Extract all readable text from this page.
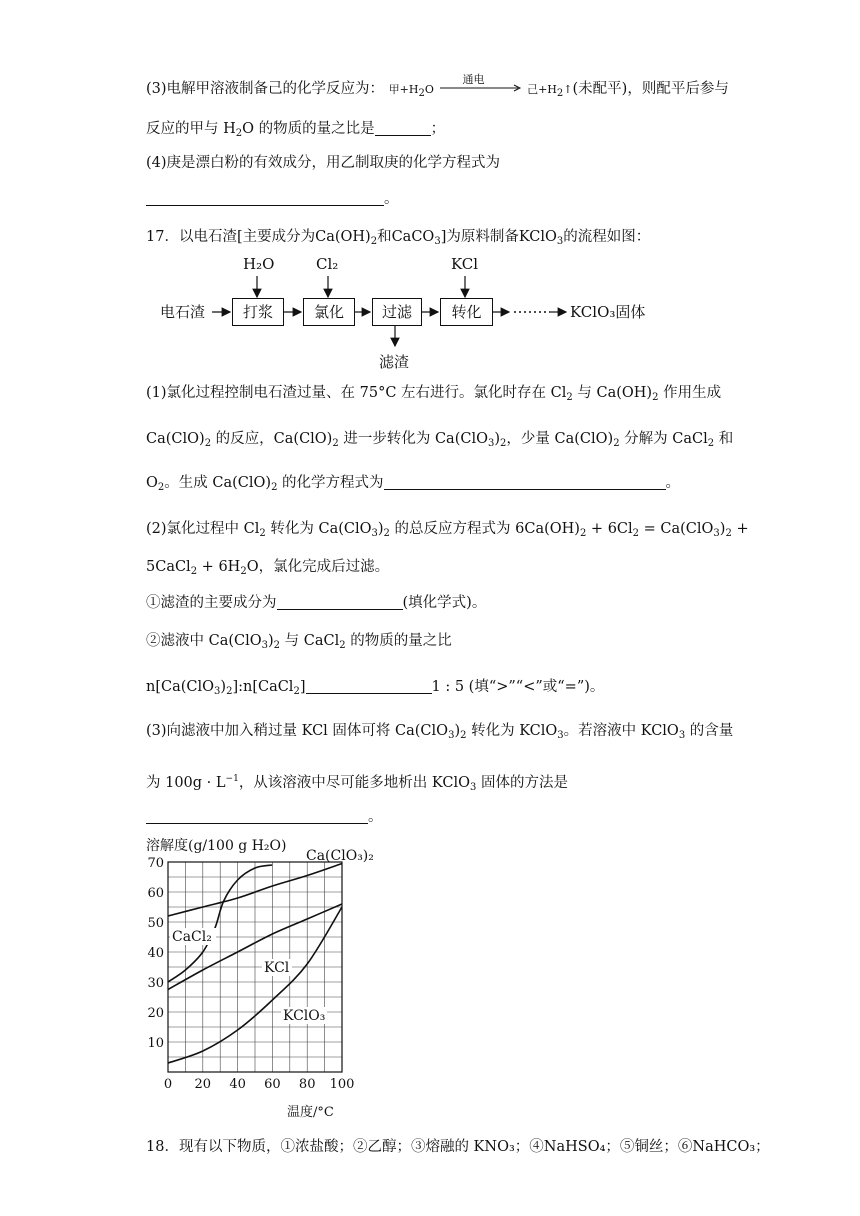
(3)电解甲溶液制备己的化学反应为： 甲$+H_2O$
通电
己$+H_2↑$(未配平)，则配平后参与
反应的甲与 $H_2O$ 的物质的量之比是	；
(4)庚是漂白粉的有效成分，用乙制取庚的化学方程式为
。
17．以电石渣[主要成分为$Ca(OH)_2$和CaCO$_3$]为原料制备KClO$_3$的流程如图：
电石渣	打浆	氯化	过滤	转化
H₂O	Cl₂	KCl
滤渣
KClO₃固体
(1)氯化过程控制电石渣过量、在 75°C 左右进行。氯化时存在 $Cl_2$ 与 $Ca(OH)_2$ 作用生成
$Ca(ClO)_2$ 的反应，$Ca(ClO)_2$ 进一步转化为 $Ca(ClO_3)_2$，少量 $Ca(ClO)_2$ 分解为 CaCl$_2$ 和
$O_2$。生成 $Ca(ClO)_2$ 的化学方程式为	。
(2)氯化过程中 $Cl_2$ 转化为 $Ca(ClO_3)_2$ 的总反应方程式为 $6Ca(OH)_2 + 6Cl_2 = Ca(ClO_3)_2$ +
5CaCl$_2$ + $6H_2O$，氯化完成后过滤。
①滤渣的主要成分为	(填化学式)。
②滤液中 $Ca(ClO_3)_2$ 与 CaCl$_2$ 的物质的量之比
$n[Ca(ClO_3)_2]:n[CaCl_2]$	1 : 5 (填“>”“<”或“=”)。
(3)向滤液中加入稍过量 KCl 固体可将 $Ca(ClO_3)_2$ 转化为 KClO$_3$。若溶液中 KClO$_3$ 的含量
为 $100g \cdot L^{-1}$，从该溶液中尽可能多地析出 KClO$_3$ 固体的方法是
。
0 20 40 60 80 100
10
20
30
40
50
60
70
溶解度(g/100 g H₂O)
温度/°C
Ca(ClO₃)₂
CaCl₂
KCl
KClO₃
18．现有以下物质，①浓盐酸；②乙醇；③熔融的 KNO₃；④NaHSO₄；⑤铜丝；⑥NaHCO₃；
